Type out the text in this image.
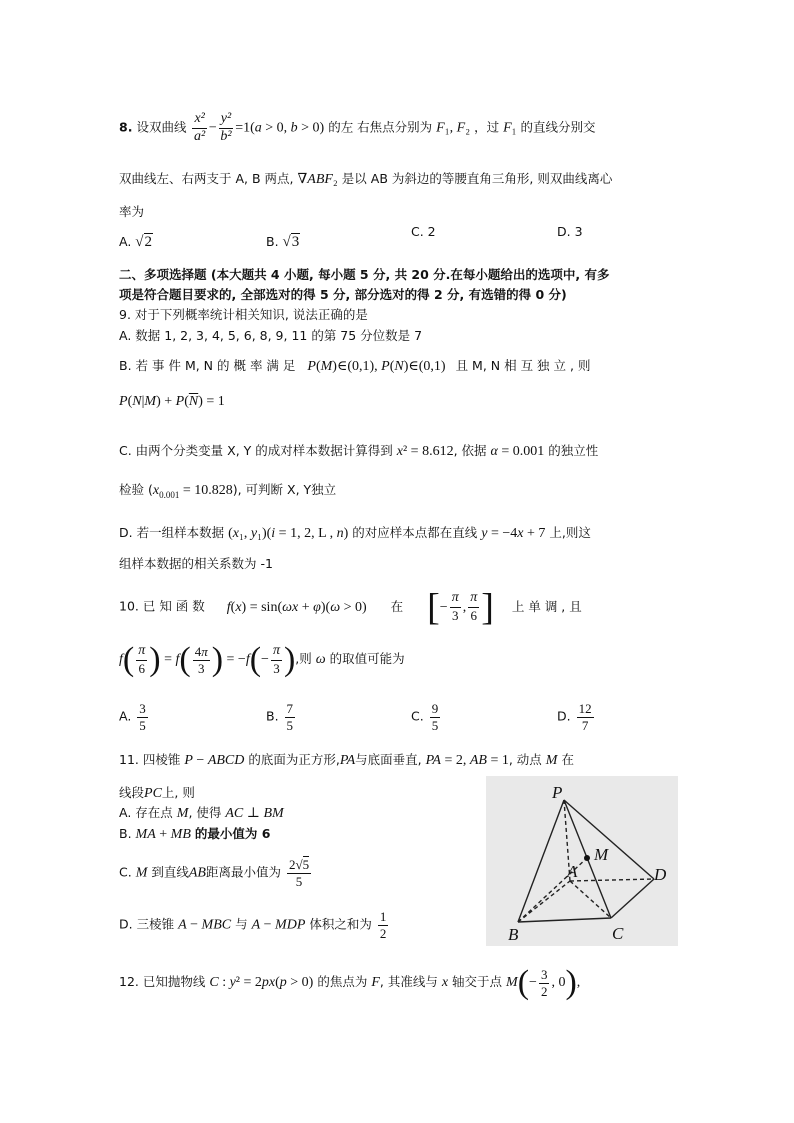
8. 设双曲线 $\frac{\text{x²}}{\text{a²}} - \frac{\text{y²}}{\text{b²}} =1(a > 0$, b > 0) 的左 右焦点分别为 F₁, F₂ ，过 F₁ 的直线分别交
双曲线左、右两支于 A, B 两点, ∇ABF₂ 是以 AB 为斜边的等腰直角三角形, 则双曲线离心
率为
A. √2	B. √3
C. 2	D. 3
二、多项选择题 (本大题共 4 小题, 每小题 5 分, 共 20 分.在每小题给出的选项中, 有多
项是符合题目要求的, 全部选对的得 5 分, 部分选对的得 2 分, 有选错的得 0 分)
9. 对于下列概率统计相关知识, 说法正确的是
A. 数据 1, 2, 3, 4, 5, 6, 8, 9, 11 的第 75 分位数是 7
B. 若 事 件 M, N 的 概 率 满 足 P(M)∈(0,1), P(N)∈(0,1) 且 M, N 相 互 独 立 , 则
$P(N|M) + P(\overline{N}) = 1$
C. 由两个分类变量 X, Y 的成对样本数据计算得到 x² = 8.612, 依据 α = 0.001 的独立性
检验 $(x_{0.001} = 10.828)$, 可判断 X, Y独立
D. 若一组样本数据 (x₁, y₁)(i = 1, 2, L , n) 的对应样本点都在直线 y = −4x + 7 上,则这
组样本数据的相关系数为 -1
10. 已 知 函 数 f(x) = sin(ωx + φ)(ω > 0) 在 [− $\frac{\pi}{3}$ , $\frac{\pi}{6}$ ] 上 单 调 , 且
$f( \frac{\pi}{6}$ ) = $f( \frac{4\pi}{3}$ ) = $-f(- \frac{\pi}{3}$ ),则 ω 的取值可能为
A. $\frac{3}{5}$	B. $\frac{7}{5}$	C. $\frac{9}{5}$	D. $\frac{12}{7}$
11. 四棱锥 P − ABCD 的底面为正方形,PA与底面垂直, PA = 2, AB = 1, 动点 M 在
线段PC上, 则
A. 存在点 M, 使得 AC ⊥ BM
B. MA + MB 的最小值为 6
C. M 到直线AB距离最小值为 $\frac{2√5}{5}$
D. 三棱锥 A − MBC 与 A − MDP 体积之和为 $\frac{1}{2}$
P
M
A	D
B	C
12. 已知抛物线 C : y² = 2px(p > 0) 的焦点为 F, 其准线与 x 轴交于点 $M(- \frac{3}{2}$ , 0),
